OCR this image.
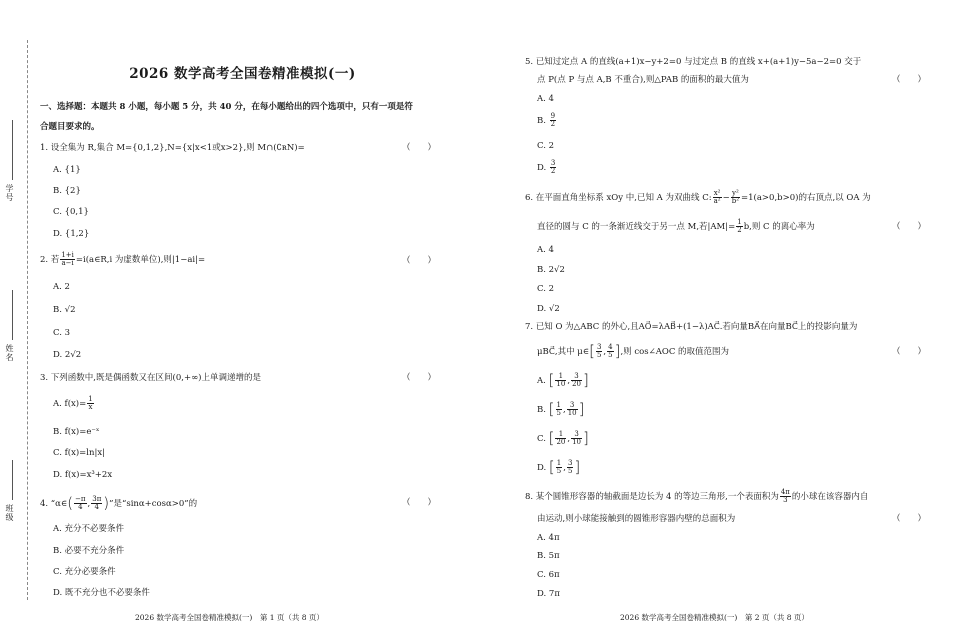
学号
姓名
班级
2026 数学高考全国卷精准模拟(一)
一、选择题：本题共 8 小题，每小题 5 分，共 40 分，在每小题给出的四个选项中，只有一项是符
合题目要求的。
1. 设全集为 R,集合 M={0,1,2},N={x|x<1或x>2},则 M∩(∁ʀN)=	（　　）
A. {1}
B. {2}
C. {0,1}
D. {1,2}
2. 若 $\frac{1+i}{a-i}$ =i(a∈R,i 为虚数单位),则|1−ai|=	（　　）
A. 2
B. √2
C. 3
D. 2√2
3. 下列函数中,既是偶函数又在区间(0,+∞)上单调递增的是	（　　）
A. $f(x)= \frac{1}{x}$
B. f(x)=e⁻ˣ
C. f(x)=ln|x|
D. f(x)=x³+2x
4. “α∈( $\frac{-\pi}{4}$ , $\frac{3\pi}{4}$ )”是“sinα+cosα>0”的	（　　）
A. 充分不必要条件
B. 必要不充分条件
C. 充分必要条件
D. 既不充分也不必要条件
2026 数学高考全国卷精准模拟(一)　第 1 页（共 8 页）
5. 已知过定点 A 的直线(a+1)x−y+2=0 与过定点 B 的直线 x+(a+1)y−5a−2=0 交于
点 P(点 P 与点 A,B 不重合),则△PAB 的面积的最大值为	（　　）
A. 4
B. $\frac{9}{2}$
C. 2
D. $\frac{3}{2}$
6. 在平面直角坐标系 xOy 中,已知 A 为双曲线 C: $\frac{\text{x²}}{\text{a²}} - \frac{\text{y²}}{\text{b²}} =1(a>0,b>0)$的右顶点,以 OA 为
直径的圆与 C 的一条渐近线交于另一点 M,若$|AM|= \frac{1}{2} b$,则 C 的离心率为	（　　）
A. 4
B. 2√2
C. 2
D. √2
7. 已知 O 为△ABC 的外心,且AO⃗=λAB⃗+(1−λ)AC⃗.若向量BA⃗在向量BC⃗上的投影向量为
μBC⃗,其中 μ∈[ $\frac{3}{5}$ , $\frac{4}{5}$ ],则 cos∠AOC 的取值范围为	（　　）
A. [ $\frac{1}{10}$ , $\frac{3}{20}$ ]
B. [ $\frac{1}{5}$ , $\frac{3}{10}$ ]
C. [ $\frac{1}{20}$ , $\frac{3}{10}$ ]
D. [ $\frac{1}{5}$ , $\frac{3}{5}$ ]
8. 某个圆锥形容器的轴截面是边长为 4 的等边三角形,一个表面积为 $\frac{4\pi}{3}$ 的小球在该容器内自
由运动,则小球能接触到的圆锥形容器内壁的总面积为	（　　）
A. 4π
B. 5π
C. 6π
D. 7π
2026 数学高考全国卷精准模拟(一)　第 2 页（共 8 页）
